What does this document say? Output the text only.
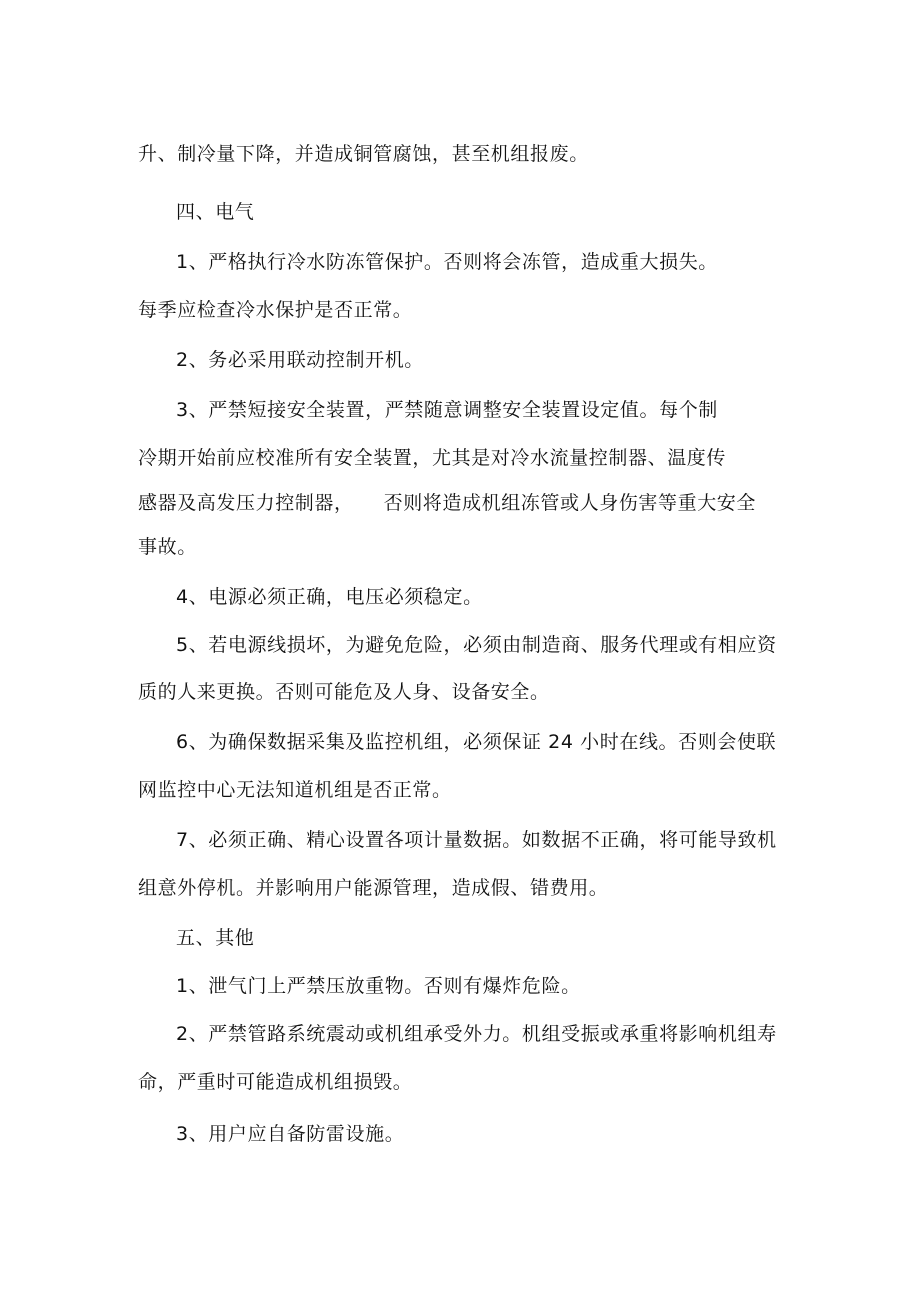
升、制冷量下降，并造成铜管腐蚀，甚至机组报废。
四、电气
1、严格执行冷水防冻管保护。否则将会冻管，造成重大损失。
每季应检查冷水保护是否正常。
2、务必采用联动控制开机。
3、严禁短接安全装置，严禁随意调整安全装置设定值。每个制
冷期开始前应校准所有安全装置，尤其是对冷水流量控制器、温度传
感器及高发压力控制器， 否则将造成机组冻管或人身伤害等重大安全
事故。
4、电源必须正确，电压必须稳定。
5、若电源线损坏，为避免危险，必须由制造商、服务代理或有相应资
质的人来更换。否则可能危及人身、设备安全。
6、为确保数据采集及监控机组，必须保证 24 小时在线。否则会使联
网监控中心无法知道机组是否正常。
7、必须正确、精心设置各项计量数据。如数据不正确，将可能导致机
组意外停机。并影响用户能源管理，造成假、错费用。
五、其他
1、泄气门上严禁压放重物。否则有爆炸危险。
2、严禁管路系统震动或机组承受外力。机组受振或承重将影响机组寿
命，严重时可能造成机组损毁。
3、用户应自备防雷设施。
